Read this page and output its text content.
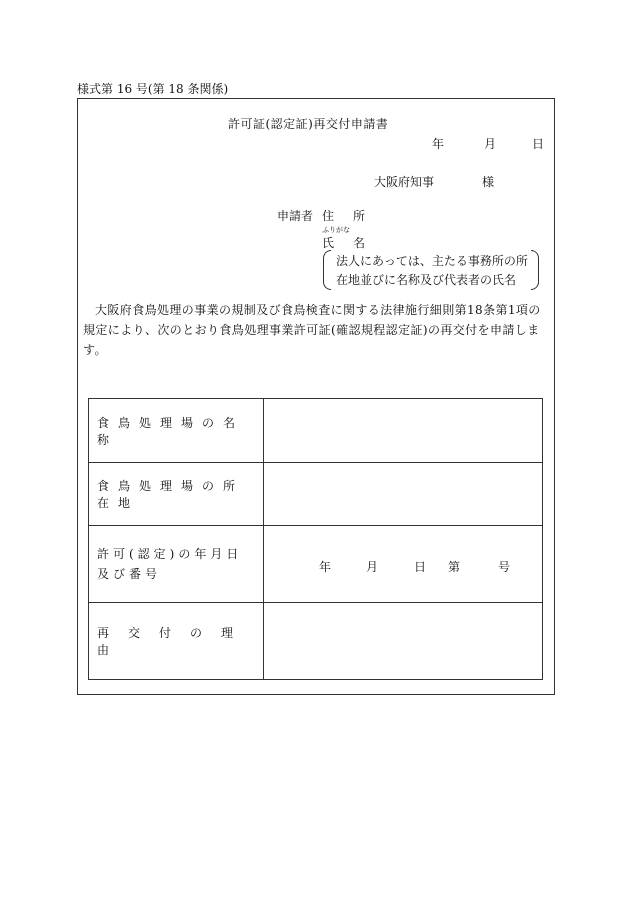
様式第 16 号(第 18 条関係)
許可証(認定証)再交付申請書
年	月	日
大阪府知事	様
申請者 住所
ふりがな
氏名
法人にあっては、主たる事務所の所
在地並びに名称及び代表者の氏名
大阪府食鳥処理の事業の規制及び食鳥検査に関する法律施行細則第18条第1項の規定により、次のとおり食鳥処理事業許可証(確認規程認定証)の再交付を申請します。
食鳥処理場の名称	
食鳥処理場の所在地	

許可(認定)の年月日及び番号	年 月 日 第 号

再交付の理由	
